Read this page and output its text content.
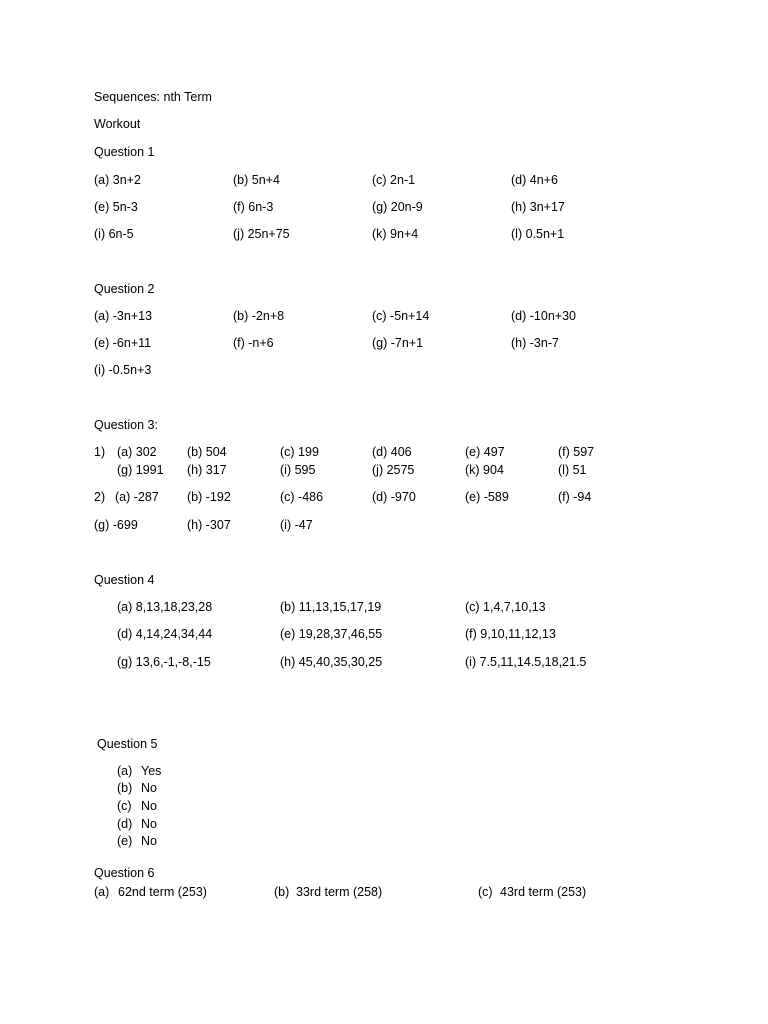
Sequences: nth Term
Workout
Question 1
(a) 3n+2	(b) 5n+4	(c) 2n-1	(d) 4n+6
(e) 5n-3	(f) 6n-3	(g) 20n-9	(h) 3n+17
(i) 6n-5	(j) 25n+75	(k) 9n+4	(l) 0.5n+1
Question 2
(a) -3n+13	(b) -2n+8	(c) -5n+14	(d) -10n+30
(e) -6n+11	(f) -n+6	(g) -7n+1	(h) -3n-7
(i) -0.5n+3
Question 3:
1) (a) 302 (b) 504	(c) 199	(d) 406	(e) 497	(f) 597
(g) 1991 (h) 317	(i) 595	(j) 2575	(k) 904	(l) 51
2) (a) -287 (b) -192	(c) -486	(d) -970	(e) -589	(f) -94
(g) -699	(h) -307	(i) -47
Question 4
(a) 8,13,18,23,28	(b) 11,13,15,17,19	(c) 1,4,7,10,13
(d) 4,14,24,34,44	(e) 19,28,37,46,55	(f) 9,10,11,12,13
(g) 13,6,-1,-8,-15	(h) 45,40,35,30,25	(i) 7.5,11,14.5,18,21.5
Question 5
(a) Yes
(b) No
(c) No
(d) No
(e) No
Question 6
(a) 62nd term (253)	(b) 33rd term (258)	(c) 43rd term (253)
